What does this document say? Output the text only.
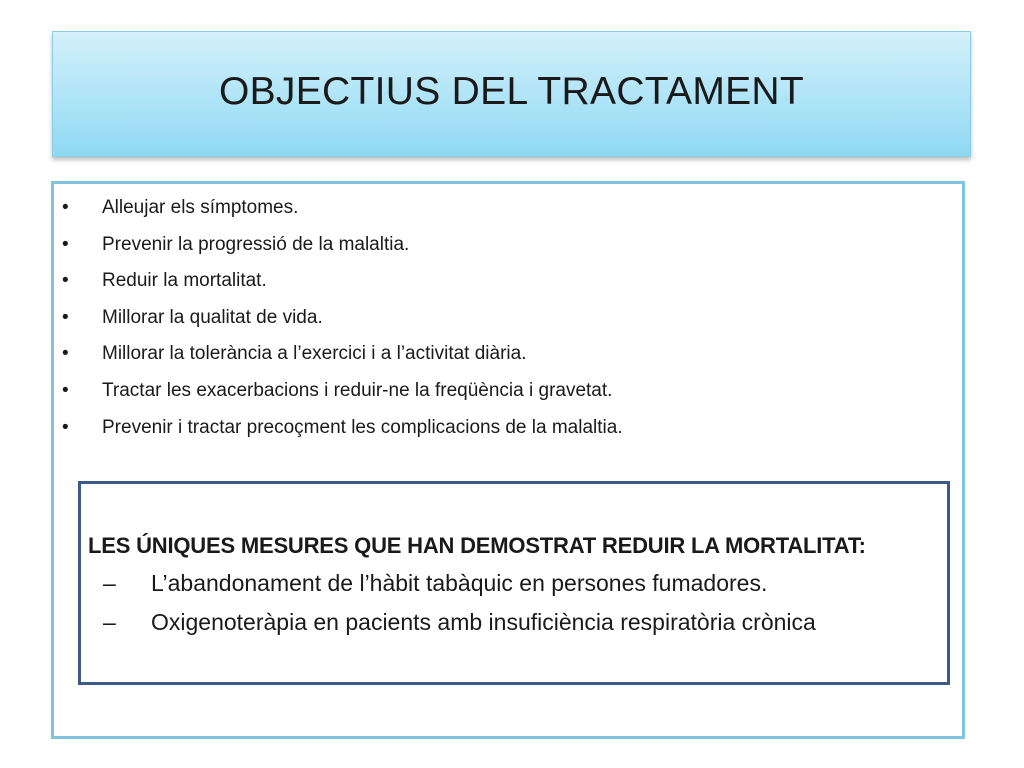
OBJECTIUS DEL TRACTAMENT
• Alleujar els símptomes.
• Prevenir la progressió de la malaltia.
• Reduir la mortalitat.
• Millorar la qualitat de vida.
• Millorar la tolerància a l’exercici i a l’activitat diària.
• Tractar les exacerbacions i reduir-ne la freqüència i gravetat.
• Prevenir i tractar precoçment les complicacions de la malaltia.
LES ÚNIQUES MESURES QUE HAN DEMOSTRAT REDUIR LA MORTALITAT:
– L’abandonament de l’hàbit tabàquic en persones fumadores.
– Oxigenoteràpia en pacients amb insuficiència respiratòria crònica
